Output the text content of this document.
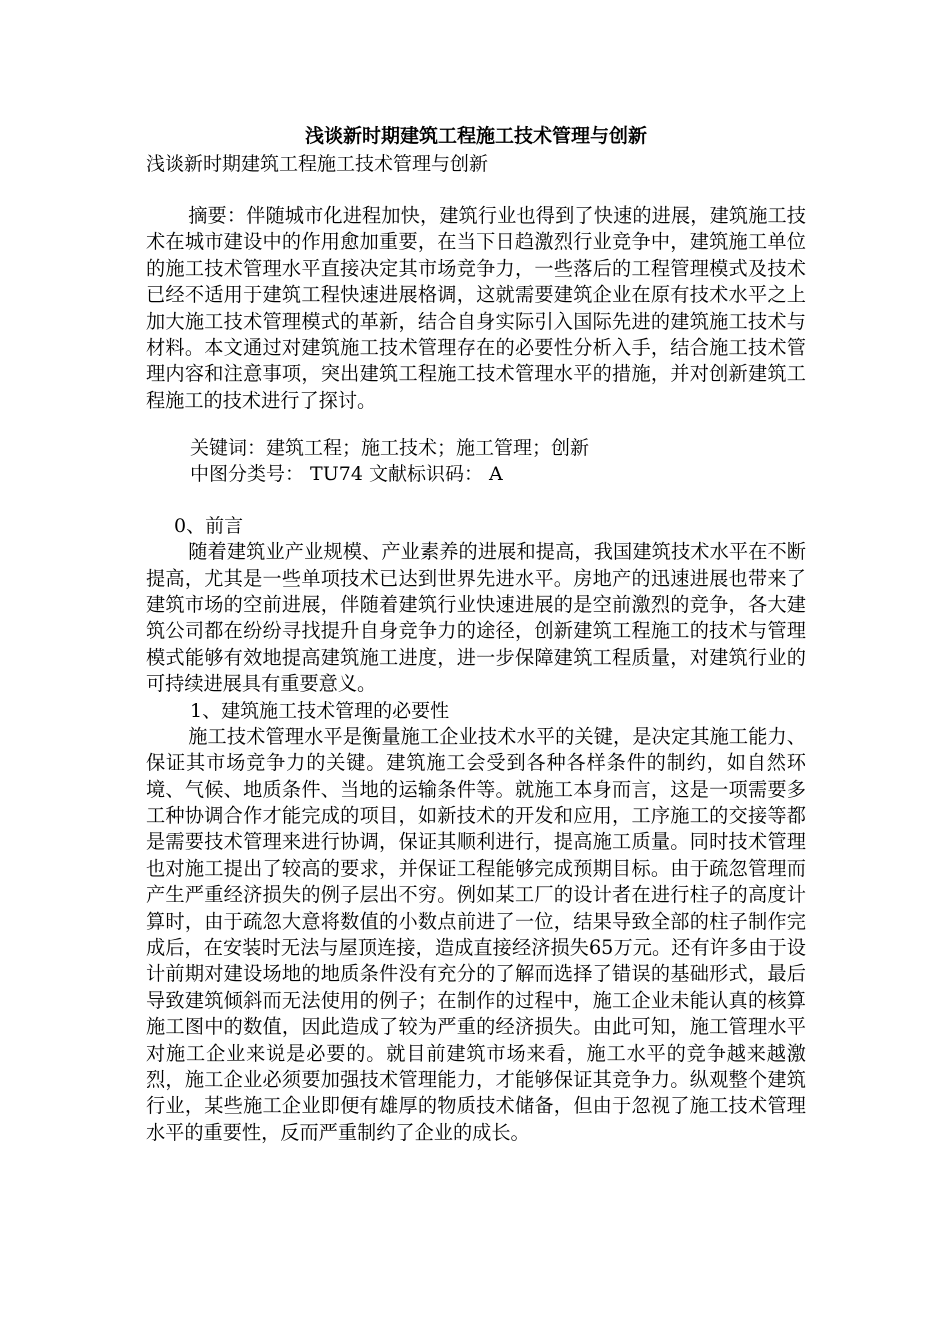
浅谈新时期建筑工程施工技术管理与创新

浅谈新时期建筑工程施工技术管理与创新

摘要：伴随城市化进程加快，建筑行业也得到了快速的进展，建筑施工技术在城市建设中的作用愈加重要，在当下日趋激烈行业竞争中，建筑施工单位的施工技术管理水平直接决定其市场竞争力，一些落后的工程管理模式及技术已经不适用于建筑工程快速进展格调，这就需要建筑企业在原有技术水平之上加大施工技术管理模式的革新，结合自身实际引入国际先进的建筑施工技术与材料。本文通过对建筑施工技术管理存在的必要性分析入手，结合施工技术管理内容和注意事项，突出建筑工程施工技术管理水平的措施，并对创新建筑工程施工的技术进行了探讨。

关键词：建筑工程；施工技术；施工管理；创新

中图分类号： TU74 文献标识码： A

0、前言

随着建筑业产业规模、产业素养的进展和提高，我国建筑技术水平在不断提高，尤其是一些单项技术已达到世界先进水平。房地产的迅速进展也带来了建筑市场的空前进展，伴随着建筑行业快速进展的是空前激烈的竞争，各大建筑公司都在纷纷寻找提升自身竞争力的途径，创新建筑工程施工的技术与管理模式能够有效地提高建筑施工进度，进一步保障建筑工程质量，对建筑行业的可持续进展具有重要意义。

1、建筑施工技术管理的必要性

施工技术管理水平是衡量施工企业技术水平的关键，是决定其施工能力、保证其市场竞争力的关键。建筑施工会受到各种各样条件的制约，如自然环境、气候、地质条件、当地的运输条件等。就施工本身而言，这是一项需要多工种协调合作才能完成的项目，如新技术的开发和应用，工序施工的交接等都是需要技术管理来进行协调，保证其顺利进行，提高施工质量。同时技术管理也对施工提出了较高的要求，并保证工程能够完成预期目标。由于疏忽管理而产生严重经济损失的例子层出不穷。例如某工厂的设计者在进行柱子的高度计算时，由于疏忽大意将数值的小数点前进了一位，结果导致全部的柱子制作完成后，在安装时无法与屋顶连接，造成直接经济损失65万元。还有许多由于设计前期对建设场地的地质条件没有充分的了解而选择了错误的基础形式，最后导致建筑倾斜而无法使用的例子；在制作的过程中，施工企业未能认真的核算施工图中的数值，因此造成了较为严重的经济损失。由此可知，施工管理水平对施工企业来说是必要的。就目前建筑市场来看，施工水平的竞争越来越激烈，施工企业必须要加强技术管理能力，才能够保证其竞争力。纵观整个建筑行业，某些施工企业即便有雄厚的物质技术储备，但由于忽视了施工技术管理水平的重要性，反而严重制约了企业的成长。
